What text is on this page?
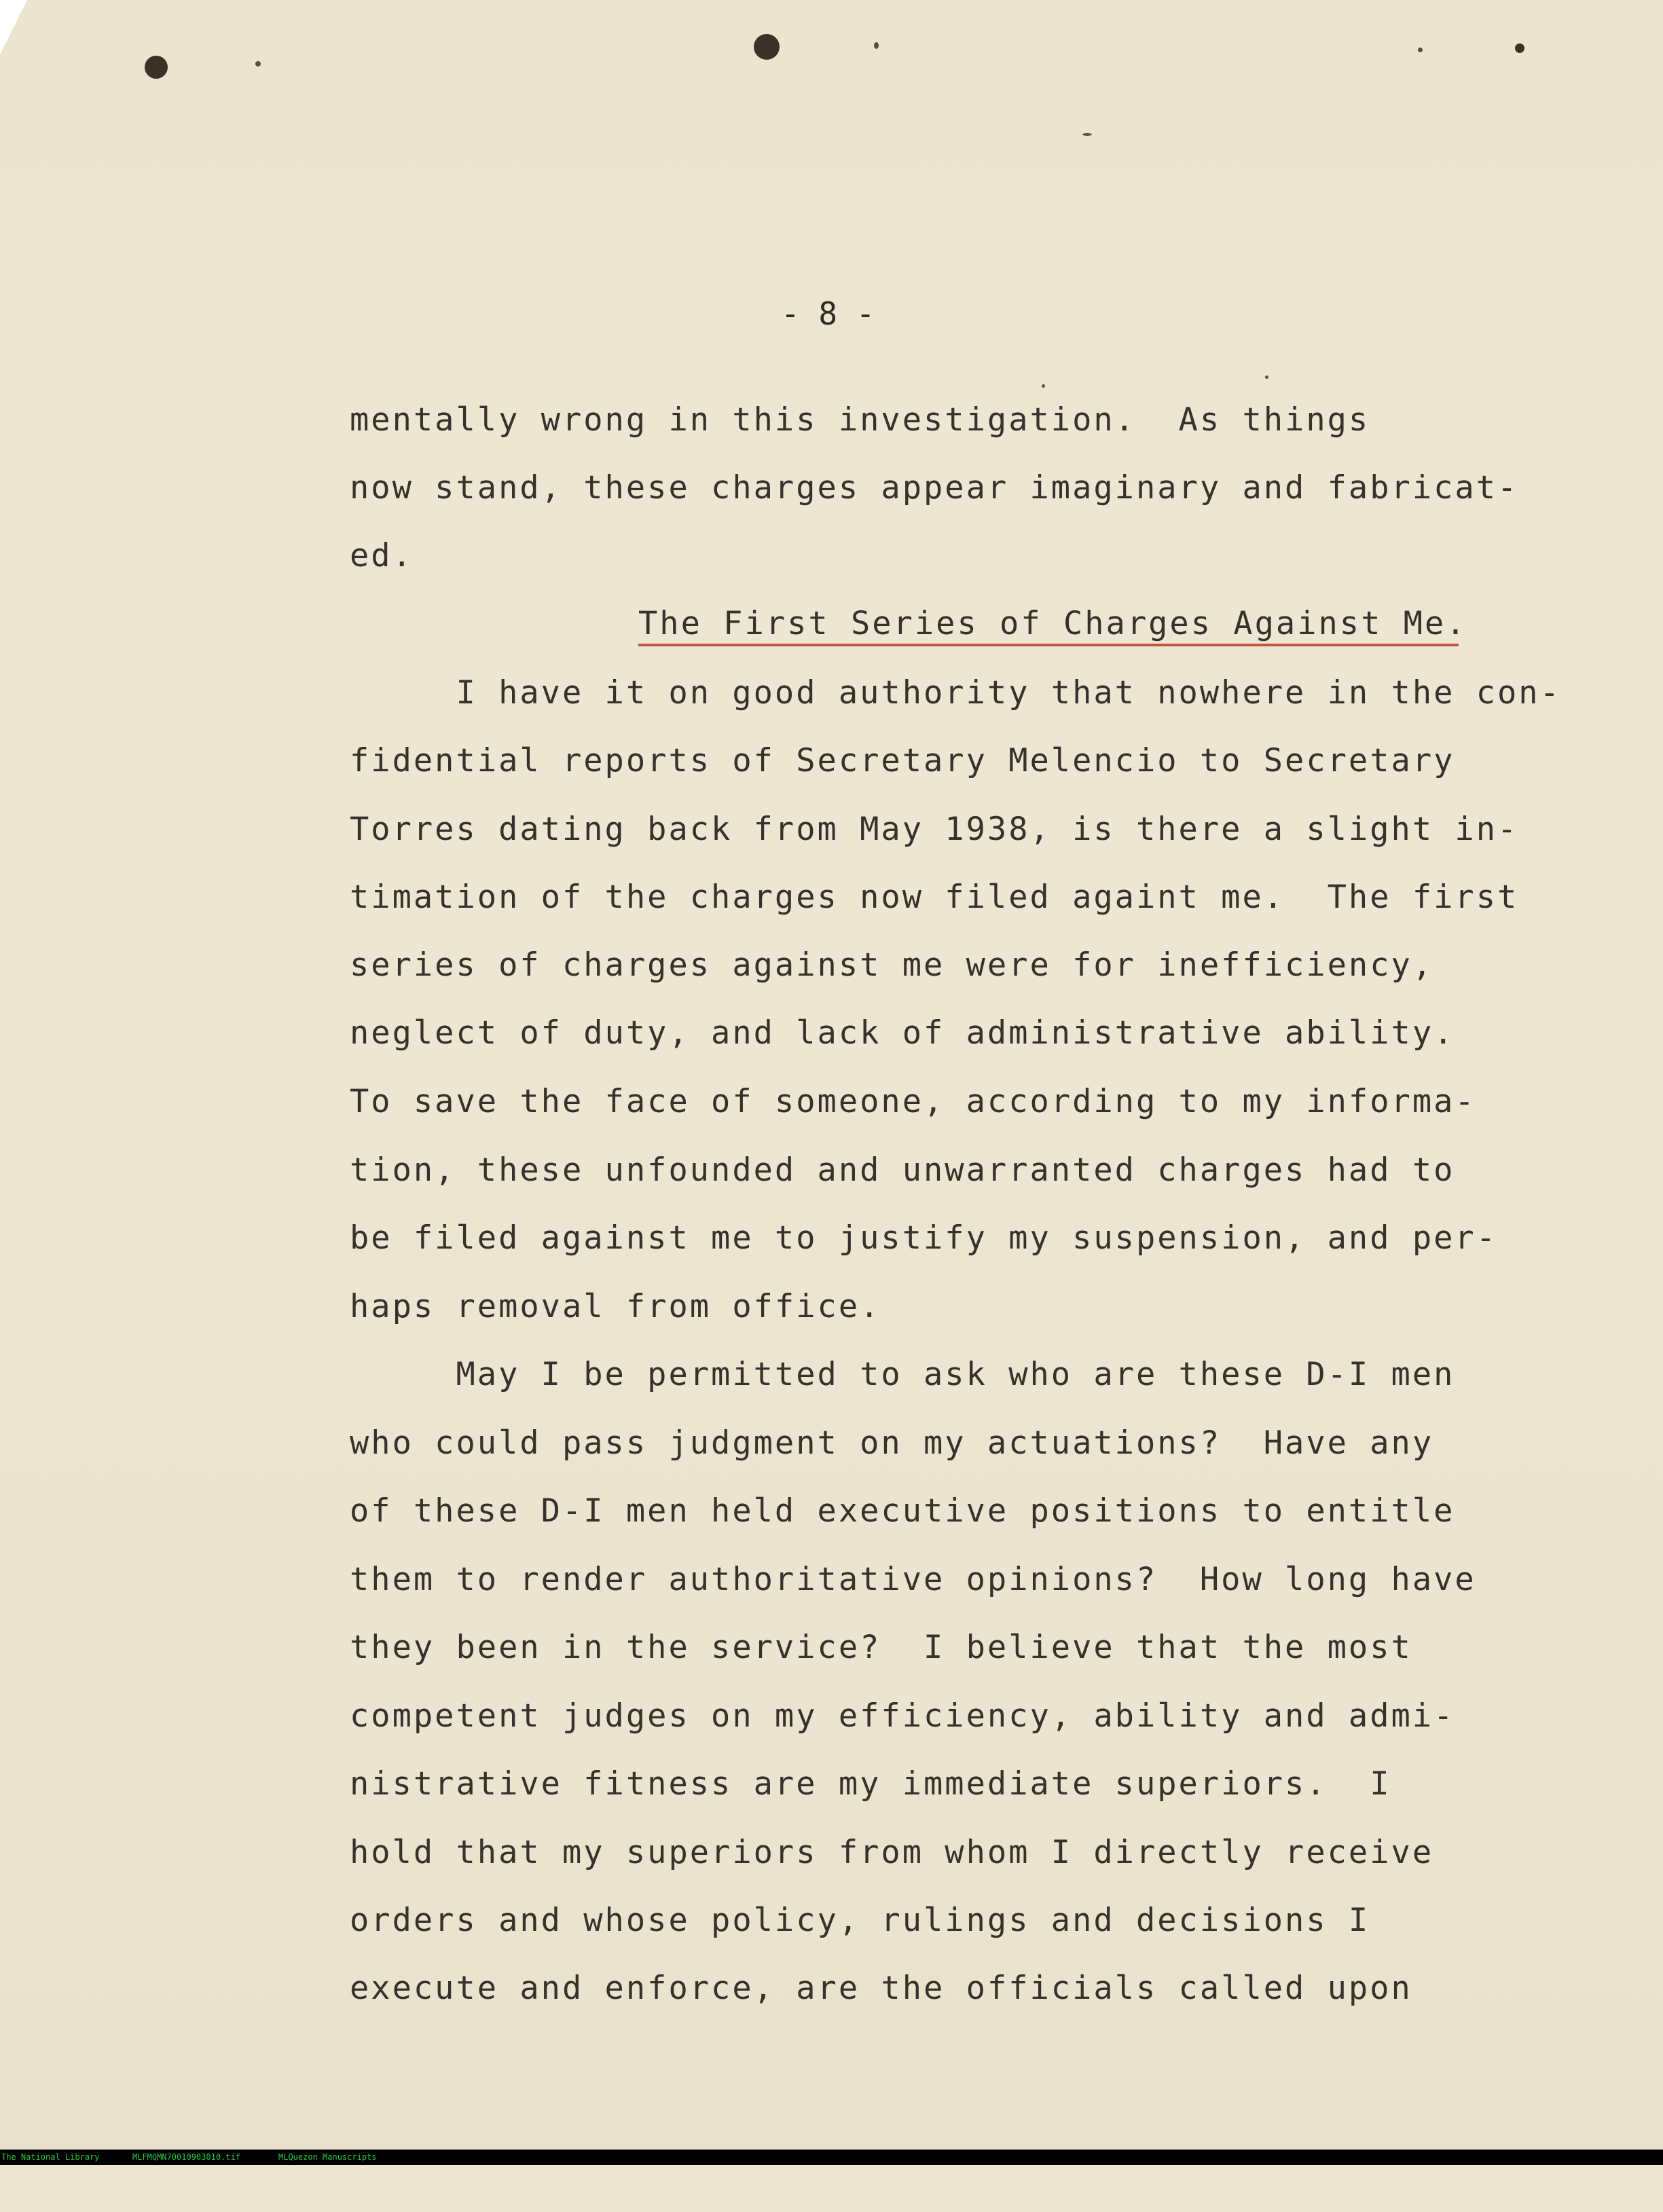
- 8 -
mentally wrong in this investigation.  As things
now stand, these charges appear imaginary and fabricat-
ed.
The First Series of Charges Against Me.
I have it on good authority that nowhere in the con-
fidential reports of Secretary Melencio to Secretary
Torres dating back from May 1938, is there a slight in-
timation of the charges now filed againt me.  The first
series of charges against me were for inefficiency,
neglect of duty, and lack of administrative ability.
To save the face of someone, according to my informa-
tion, these unfounded and unwarranted charges had to
be filed against me to justify my suspension, and per-
haps removal from office.
May I be permitted to ask who are these D-I men
who could pass judgment on my actuations?  Have any
of these D-I men held executive positions to entitle
them to render authoritative opinions?  How long have
they been in the service?  I believe that the most
competent judges on my efficiency, ability and admi-
nistrative fitness are my immediate superiors.  I
hold that my superiors from whom I directly receive
orders and whose policy, rulings and decisions I
execute and enforce, are the officials called upon

The National Library

	MLFMQMN70010903010.tif

	MLQuezon Manuscripts
